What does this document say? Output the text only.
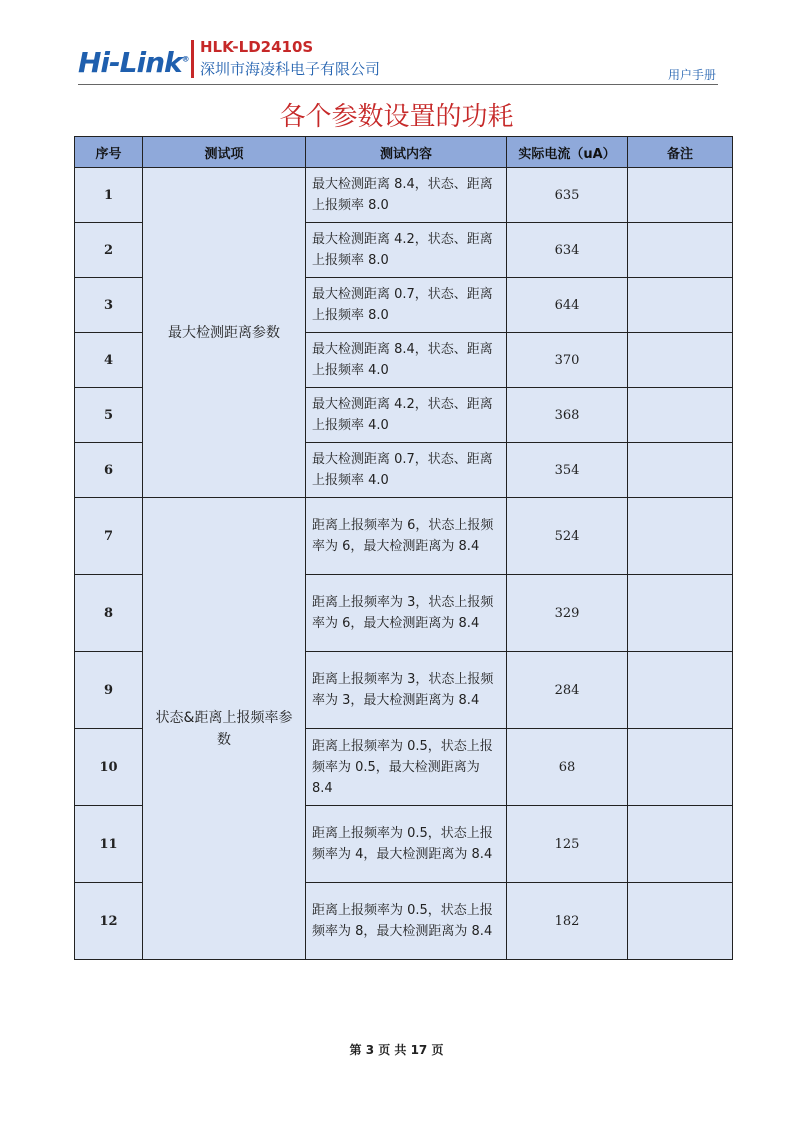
Hi-Link®
HLK-LD2410S
深圳市海凌科电子有限公司	用户手册
各个参数设置的功耗
序号	测试项	测试内容	实际电流（uA）	备注
1	最大检测距离参数	最大检测距离 8.4，状态、距离上报频率 8.0	635	
2		最大检测距离 4.2，状态、距离上报频率 8.0	634	
3		最大检测距离 0.7，状态、距离上报频率 8.0	644	
4		最大检测距离 8.4，状态、距离上报频率 4.0	370	
5		最大检测距离 4.2，状态、距离上报频率 4.0	368	
6		最大检测距离 0.7，状态、距离上报频率 4.0	354	
7	状态&距离上报频率参数	距离上报频率为 6，状态上报频率为 6，最大检测距离为 8.4	524	
8		距离上报频率为 3，状态上报频率为 6，最大检测距离为 8.4	329	
9		距离上报频率为 3，状态上报频率为 3，最大检测距离为 8.4	284	
10		距离上报频率为 0.5，状态上报频率为 0.5，最大检测距离为 8.4	68	
11		距离上报频率为 0.5，状态上报频率为 4，最大检测距离为 8.4	125	
12		距离上报频率为 0.5，状态上报频率为 8，最大检测距离为 8.4	182	
第 3 页 共 17 页
